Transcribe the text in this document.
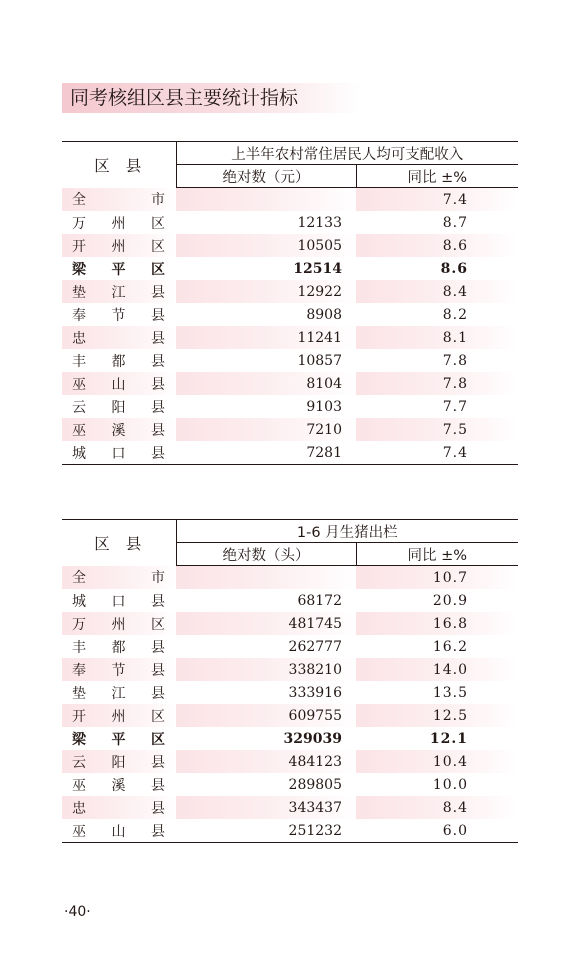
同考核组区县主要统计指标
区 县	上半年农村常住居民人均可支配收入	
	绝对数（元）	同比 ±%

全 市		7.4

万 州 区	12133	8.7

开 州 区	10505	8.6

梁 平 区	12514	8.6

垫 江 县	12922	8.4

奉 节 县	8908	8.2

忠 县	11241	8.1

丰 都 县	10857	7.8

巫 山 县	8104	7.8

云 阳 县	9103	7.7

巫 溪 县	7210	7.5

城 口 县	7281	7.4
区 县	1-6 月生猪出栏	
	绝对数（头）	同比 ±%

全 市		10.7

城 口 县	68172	20.9

万 州 区	481745	16.8

丰 都 县	262777	16.2

奉 节 县	338210	14.0

垫 江 县	333916	13.5

开 州 区	609755	12.5

梁 平 区	329039	12.1

云 阳 县	484123	10.4

巫 溪 县	289805	10.0

忠 县	343437	8.4

巫 山 县	251232	6.0
·40·
